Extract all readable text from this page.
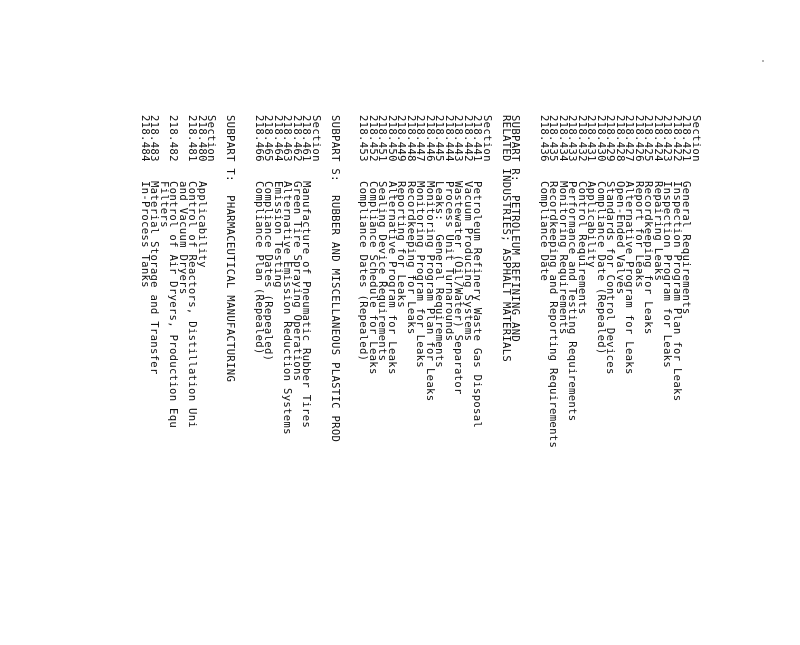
Section
218.421
General Requirements
218.422
Inspection Program Plan for Leaks
218.423
Inspection Program for Leaks
218.424
Repairing Leaks
218.425
Recordkeeping for Leaks
218.426
Report for Leaks
218.427
Alternative Program for Leaks
218.428
Open-Ended Valves
218.429
Standards for Control Devices
218.430
Compliance Date (Repealed)
218.431
Applicability
218.432
Control Requirements
218.433
Performance and Testing Requirements
218.434
Monitoring Requirements
218.435
Recordkeeping and Reporting Requirements
218.436
Compliance Date
SUBPART R:  PETROLEUM REFINING AND
RELATED INDUSTRIES; ASPHALT MATERIALS
Section
218.441
Petroleum Refinery Waste Gas Disposal
218.442
Vacuum Producing Systems
218.443
Wastewater (Oil/Water) Separator
218.444
Process Unit Turnarounds
218.445
Leaks:  General Requirements
218.446
Monitoring Program Plan for Leaks
218.447
Monitoring Program for Leaks
218.448
Recordkeeping for Leaks
218.449
Reporting for Leaks
218.450
Alternative Program for Leaks
218.451
Sealing Device Requirements
218.452
Compliance Schedule for Leaks
218.453
Compliance Dates (Repealed)
SUBPART S:  RUBBER AND MISCELLANEOUS PLASTIC PROD
Section
218.461
Manufacture of Pneumatic Rubber Tires
218.462
Green Tire Spraying Operations
218.463
Alternative Emission Reduction Systems
218.464
Emission Testing
218.465
Compliance Dates (Repealed)
218.466
Compliance Plan (Repealed)
SUBPART T:  PHARMACEUTICAL MANUFACTURING
Section
218.480
Applicability
218.481
Control of Reactors, Distillation Uni
and Vacuum Dryers
218.482
Control of Air Dryers, Production Equ
Filters
218.483
Material Storage and Transfer
218.484
In-Process Tanks
